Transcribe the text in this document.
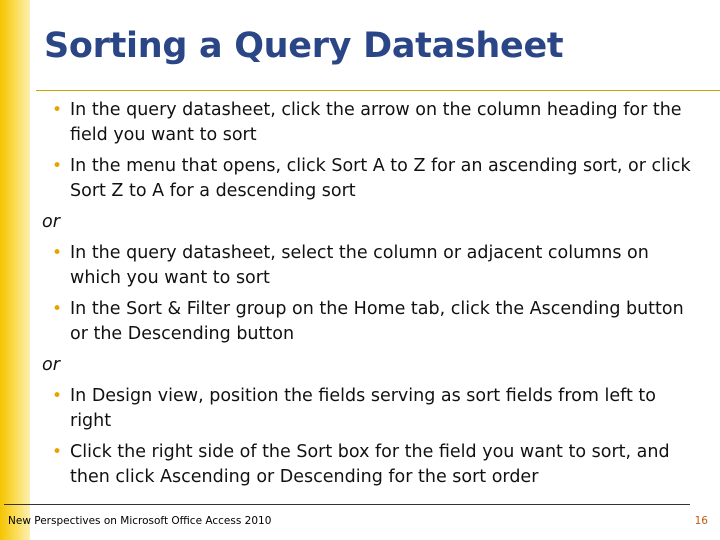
Sorting a Query Datasheet
• In the query datasheet, click the arrow on the column heading for the field you want to sort
• In the menu that opens, click Sort A to Z for an ascending sort, or click Sort Z to A for a descending sort
or
• In the query datasheet, select the column or adjacent columns on which you want to sort
• In the Sort & Filter group on the Home tab, click the Ascending button or the Descending button
or
• In Design view, position the fields serving as sort fields from left to right
• Click the right side of the Sort box for the field you want to sort, and then click Ascending or Descending for the sort order
New Perspectives on Microsoft Office Access 2010	16
